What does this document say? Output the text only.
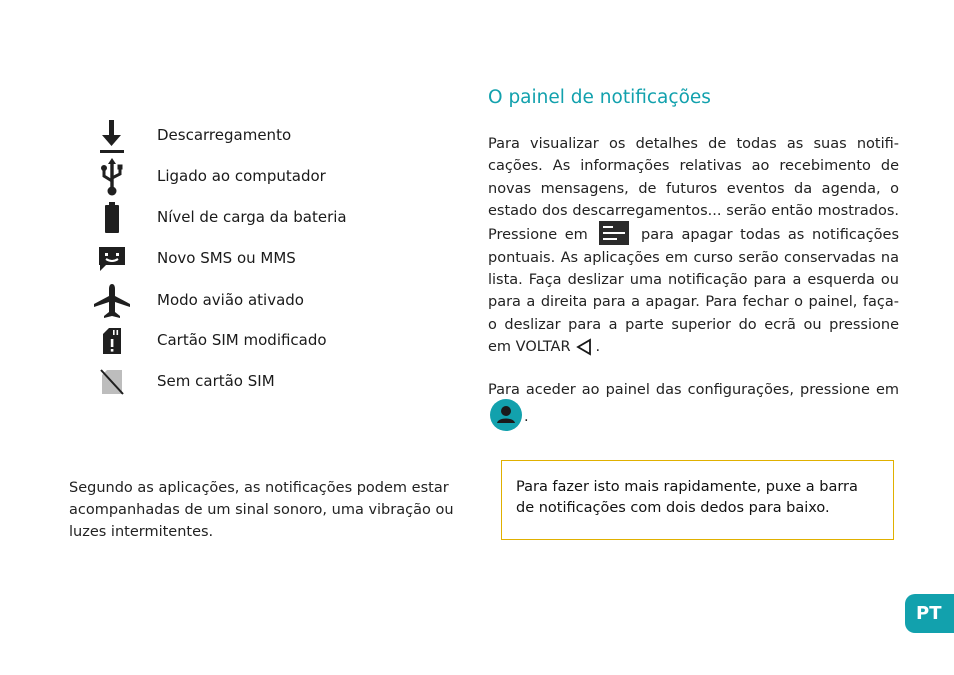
Descarregamento
Ligado ao computador
Nível de carga da bateria
Novo SMS ou MMS
Modo avião ativado
Cartão SIM modificado
Sem cartão SIM
Segundo as aplicações, as notificações podem estar acompanhadas de um sinal sonoro, uma vibração ou luzes intermitentes.
O painel de notificações
Para visualizar os detalhes de todas as suas notifi-cações. As informações relativas ao recebimento de novas mensagens, de futuros eventos da agenda, o estado dos descarregamentos... serão então mostrados. Pressione em	para apagar todas as notificações pontuais. As aplicações em curso serão conservadas na lista. Faça deslizar uma notificação para a esquerda ou para a direita para a apagar. Para fechar o painel, faça-o deslizar para a parte superior do ecrã ou pressione em VOLTAR .
Para aceder ao painel das configurações, pressione em
.
Para fazer isto mais rapidamente, puxe a barra de notificações com dois dedos para baixo.
PT
